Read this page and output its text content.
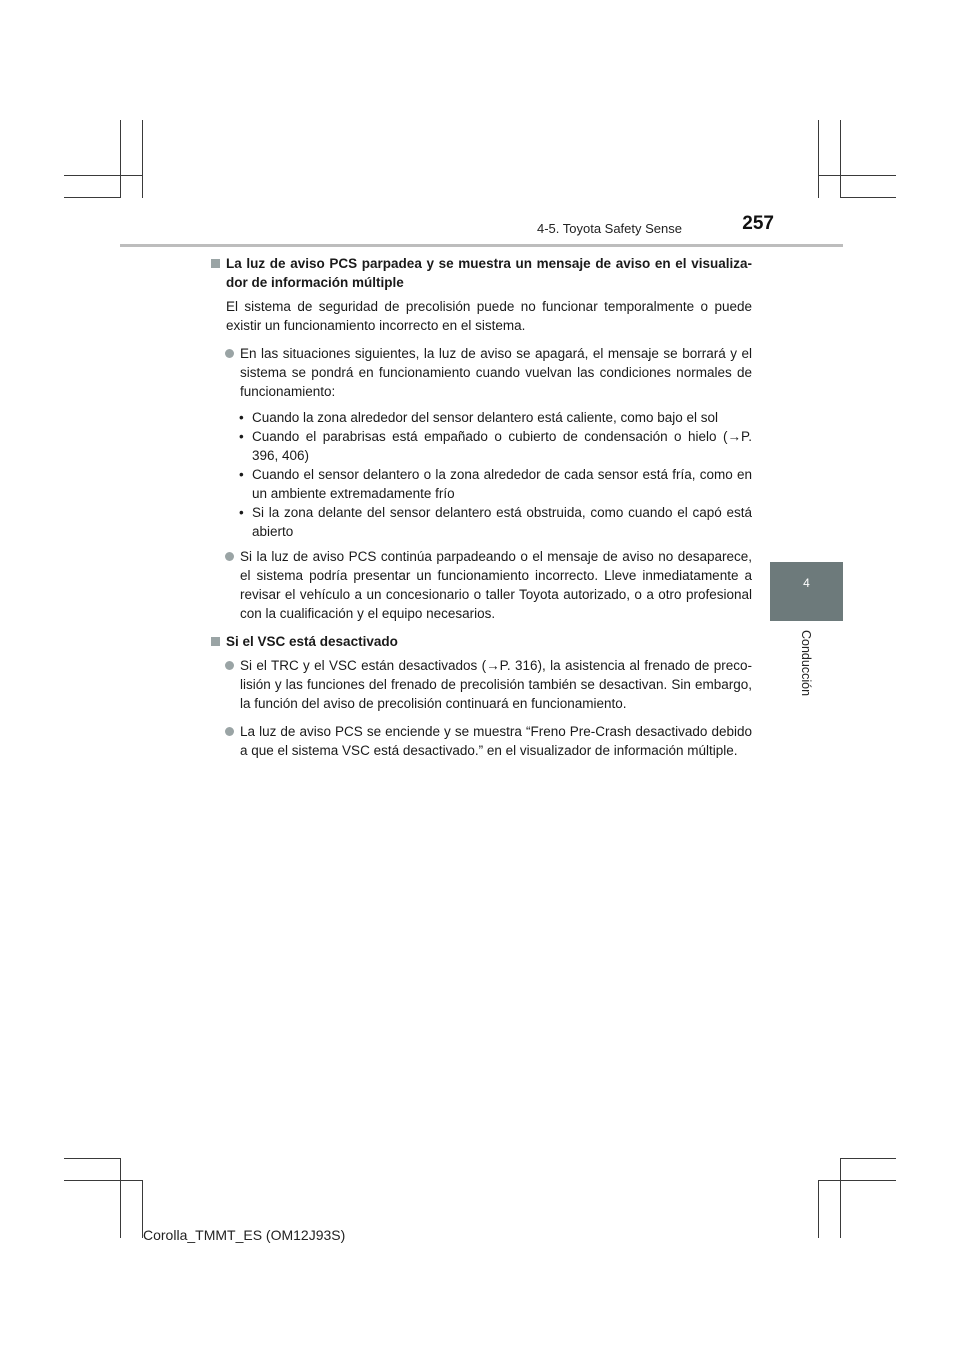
4-5. Toyota Safety Sense	257
4
Conducción
La luz de aviso PCS parpadea y se muestra un mensaje de aviso en el visualiza-dor de información múltiple
El sistema de seguridad de precolisión puede no funcionar temporalmente o puede existir un funcionamiento incorrecto en el sistema.
En las situaciones siguientes, la luz de aviso se apagará, el mensaje se borrará y el sistema se pondrá en funcionamiento cuando vuelvan las condiciones normales de funcionamiento:
• Cuando la zona alrededor del sensor delantero está caliente, como bajo el sol
• Cuando el parabrisas está empañado o cubierto de condensación o hielo (→P. 396, 406)
• Cuando el sensor delantero o la zona alrededor de cada sensor está fría, como en un ambiente extremadamente frío
• Si la zona delante del sensor delantero está obstruida, como cuando el capó está abierto
Si la luz de aviso PCS continúa parpadeando o el mensaje de aviso no desaparece, el sistema podría presentar un funcionamiento incorrecto. Lleve inmediatamente a revisar el vehículo a un concesionario o taller Toyota autorizado, o a otro profesional con la cualificación y el equipo necesarios.
Si el VSC está desactivado
Si el TRC y el VSC están desactivados (→P. 316), la asistencia al frenado de preco-lisión y las funciones del frenado de precolisión también se desactivan. Sin embargo, la función del aviso de precolisión continuará en funcionamiento.
La luz de aviso PCS se enciende y se muestra “Freno Pre-Crash desactivado debido a que el sistema VSC está desactivado.” en el visualizador de información múltiple.
Corolla_TMMT_ES (OM12J93S)
